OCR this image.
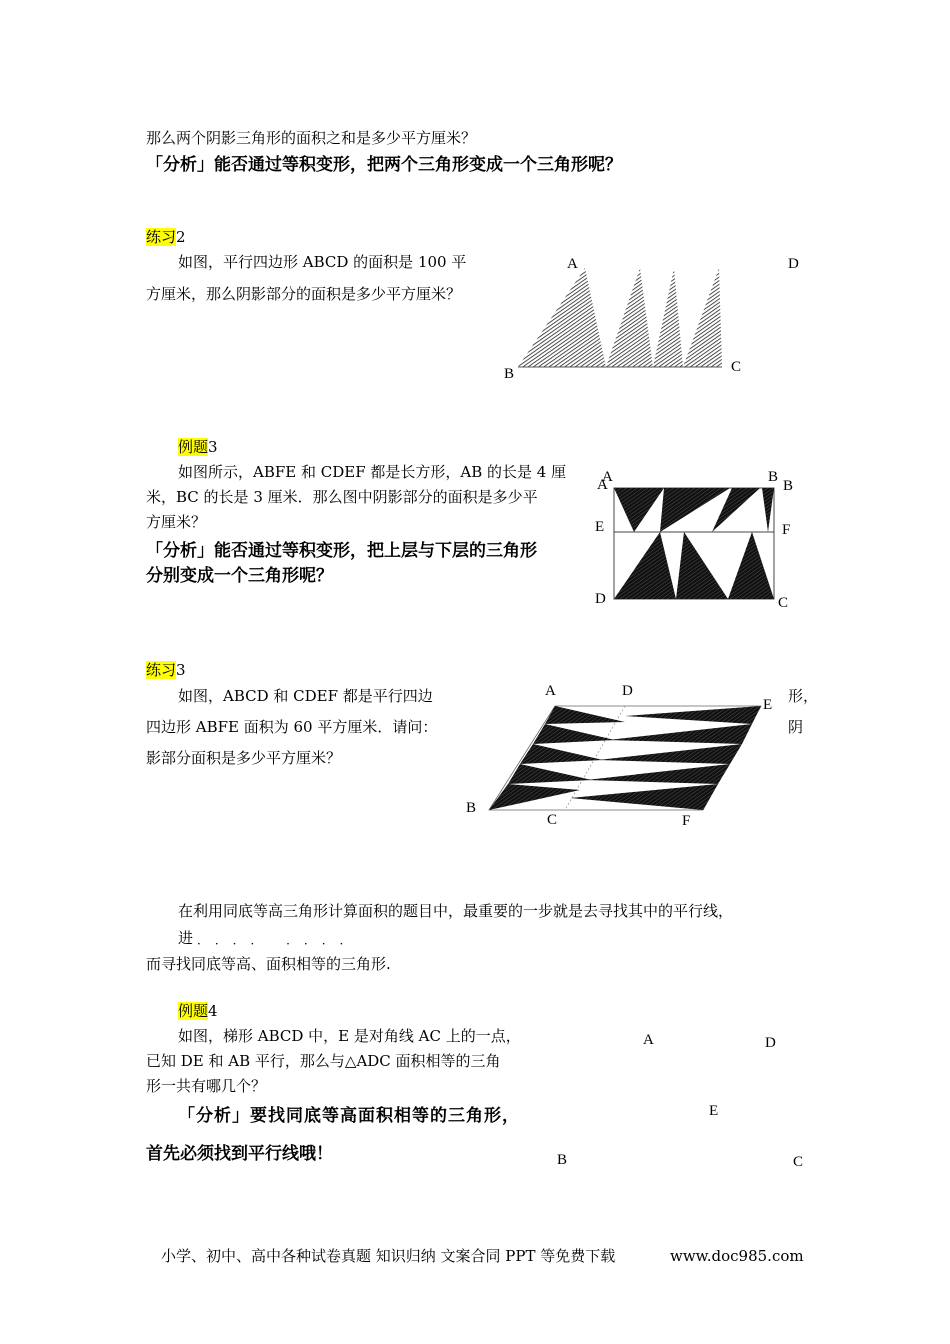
那么两个阴影三角形的面积之和是多少平方厘米？
「分析」能否通过等积变形，把两个三角形变成一个三角形呢？
练习2
如图，平行四边形 ABCD 的面积是 100 平
方厘米，那么阴影部分的面积是多少平方厘米？
例题3
如图所示，ABFE 和 CDEF 都是长方形，AB 的长是 4 厘
米，BC 的长是 3 厘米．那么图中阴影部分的面积是多少平
方厘米？
「分析」能否通过等积变形，把上层与下层的三角形
分别变成一个三角形呢？
练习3
如图，ABCD 和 CDEF 都是平行四边	形，
四边形 ABFE 面积为 60 平方厘米．请问：	阴
影部分面积是多少平方厘米？
在利用同底等高三角形计算面积的题目中，最重要的一步就是去寻找其中的平行线，
进 ···· ····
而寻找同底等高、面积相等的三角形.
例题4
如图，梯形 ABCD 中，E 是对角线 AC 上的一点，
已知 DE 和 AB 平行，那么与△ADC 面积相等的三角
形一共有哪几个？
「分析」要找同底等高面积相等的三角形，
首先必须找到平行线哦！
小学、初中、高中各种试卷真题 知识归纳 文案合同 PPT 等免费下载	www.doc985.com
A	D
B	C
A
A	B
B
E	F
D	C
A	D
E
B
C	F
A	D
E
B	C
